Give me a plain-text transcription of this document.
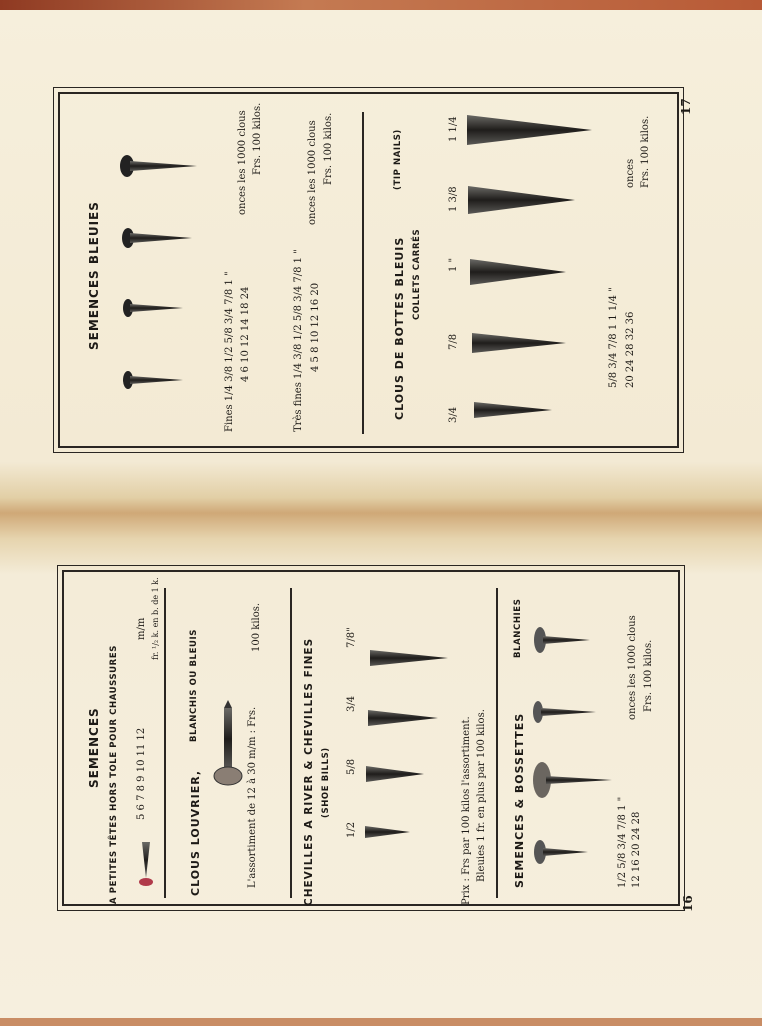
17
16
SEMENCES BLEUIES	Fines 1/4 3/8 1/2 5/8 3/4 7/8 1 " 4 6 10 12 14 18 24
onces les 1000 clous Frs. 100 kilos.
Très fines 1/4 3/8 1/2 5/8 3/4 7/8 1 " 4 5 8 10 12 16 20
onces les 1000 clous Frs. 100 kilos.
CLOUS DE BOTTES BLEUIS
(TIP NAILS)
COLLETS CARRÉS
3/4
7/8
1 "
1 3/8
1 1/4
5/8 3/4 7/8 1 1 1/4 " 20 24 28 32 36
onces Frs. 100 kilos.
SEMENCES A PETITES TÊTES HORS TOLE POUR CHAUSSURES 5 6 7 8 9 10 11 12
m/m fr. ¹/₂ k. en b. de 1 k.
CLOUS LOUVRIER,
BLANCHIS OU BLEUIS
L'assortiment de 12 à 30 m/m : Frs.
100 kilos.
CHEVILLES A RIVER & CHEVILLES FINES (SHOE BILLS)
1/2
5/8
3/4
7/8"
Prix : Frs par 100 kilos l'assortiment. Bleuies 1 fr. en plus par 100 kilos. SEMENCES & BOSSETTES
BLANCHIES
1/2 5/8 3/4 7/8 1 " 12 16 20 24 28
onces les 1000 clous Frs. 100 kilos.
